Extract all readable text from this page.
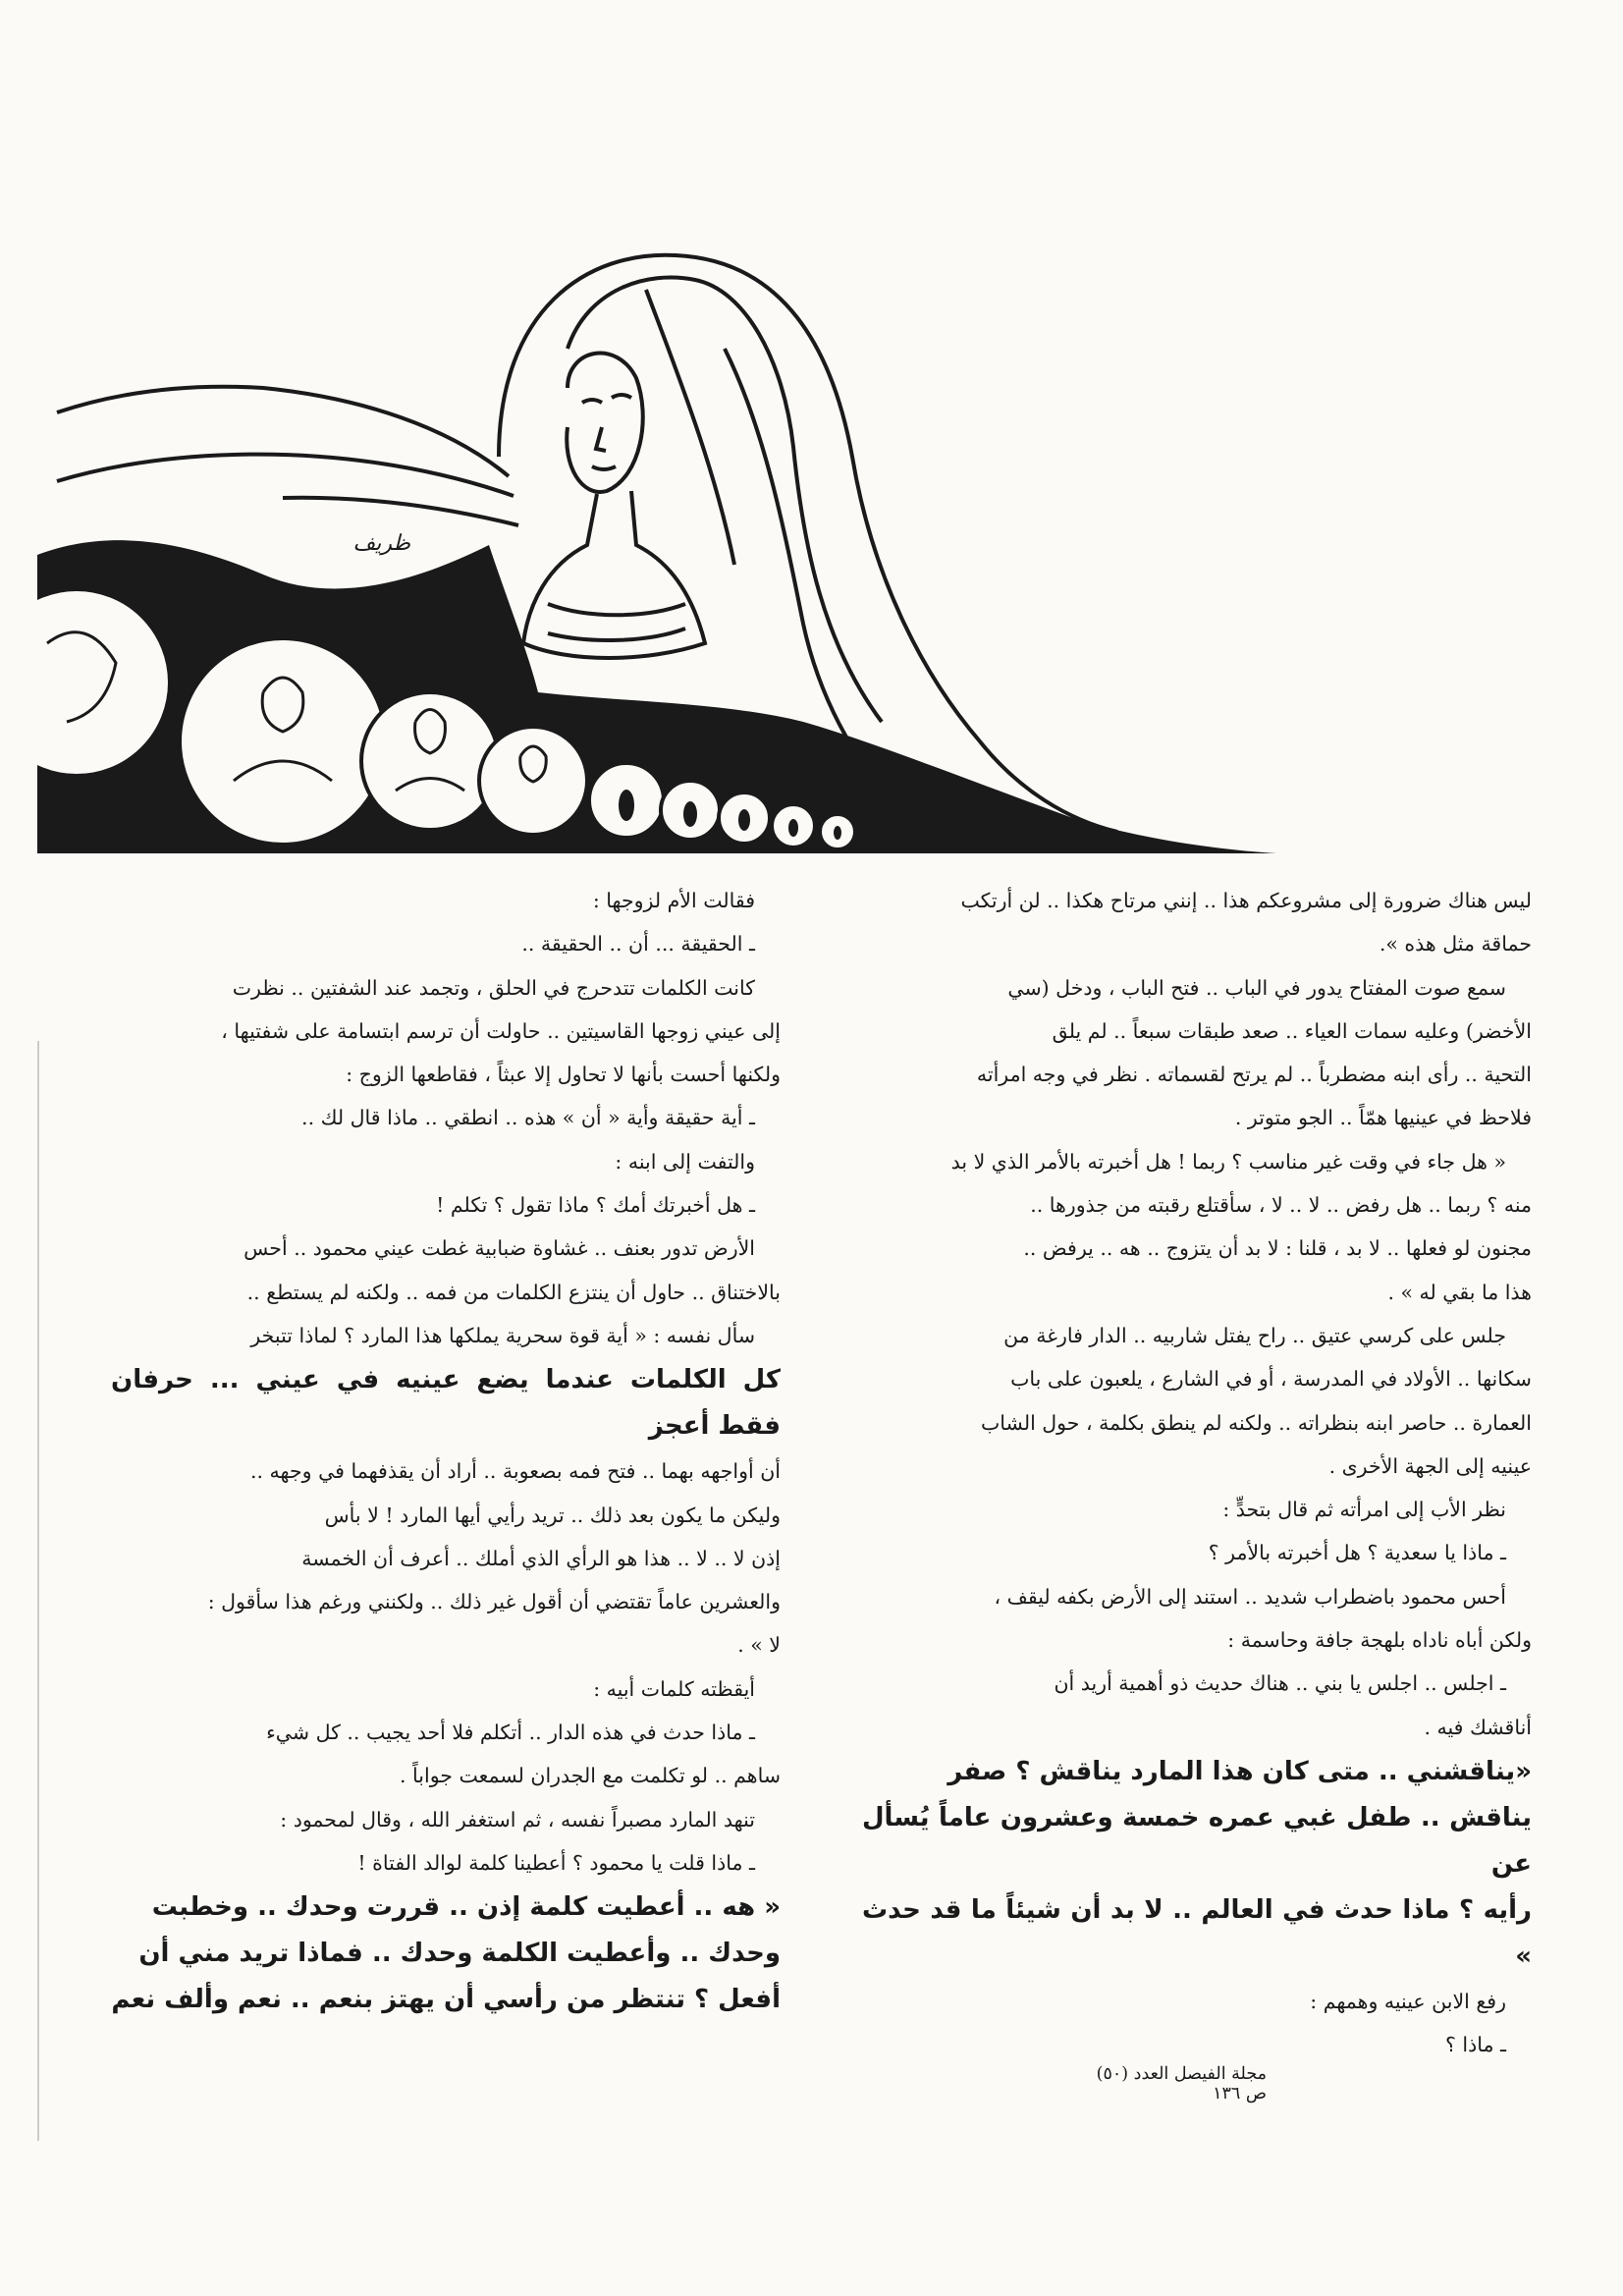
ظريف

ليس هناك ضرورة إلى مشروعكم هذا .. إنني مرتاح هكذا .. لن أرتكب

حماقة مثل هذه ».

سمع صوت المفتاح يدور في الباب .. فتح الباب ، ودخل (سي

الأخضر) وعليه سمات العياء .. صعد طبقات سبعاً .. لم يلق

التحية .. رأى ابنه مضطرباً .. لم يرتح لقسماته . نظر في وجه امرأته

فلاحظ في عينيها همّاً .. الجو متوتر .

« هل جاء في وقت غير مناسب ؟ ربما ! هل أخبرته بالأمر الذي لا بد

منه ؟ ربما .. هل رفض .. لا .. لا ، سأقتلع رقبته من جذورها ..

مجنون لو فعلها .. لا بد ، قلنا : لا بد أن يتزوج .. هه .. يرفض ..

هذا ما بقي له » .

جلس على كرسي عتيق .. راح يفتل شاربيه .. الدار فارغة من

سكانها .. الأولاد في المدرسة ، أو في الشارع ، يلعبون على باب

العمارة .. حاصر ابنه بنظراته .. ولكنه لم ينطق بكلمة ، حول الشاب

عينيه إلى الجهة الأخرى .

نظر الأب إلى امرأته ثم قال بتحدٍّ :

ـ ماذا يا سعدية ؟ هل أخبرته بالأمر ؟

أحس محمود باضطراب شديد .. استند إلى الأرض بكفه ليقف ،

ولكن أباه ناداه بلهجة جافة وحاسمة :

ـ اجلس .. اجلس يا بني .. هناك حديث ذو أهمية أريد أن

أناقشك فيه .

«يناقشني .. متى كان هذا المارد يناقش ؟ صفر

يناقش .. طفل غبي عمره خمسة وعشرون عاماً يُسأل عن

رأيه ؟ ماذا حدث في العالم .. لا بد أن شيئاً ما قد حدث »

رفع الابن عينيه وهمهم :

ـ ماذا ؟

فقالت الأم لزوجها :

ـ الحقيقة ... أن .. الحقيقة ..

كانت الكلمات تتدحرج في الحلق ، وتجمد عند الشفتين .. نظرت

إلى عيني زوجها القاسيتين .. حاولت أن ترسم ابتسامة على شفتيها ،

ولكنها أحست بأنها لا تحاول إلا عبثاً ، فقاطعها الزوج :

ـ أية حقيقة وأية « أن » هذه .. انطقي .. ماذا قال لك ..

والتفت إلى ابنه :

ـ هل أخبرتك أمك ؟ ماذا تقول ؟ تكلم !

الأرض تدور بعنف .. غشاوة ضبابية غطت عيني محمود .. أحس

بالاختناق .. حاول أن ينتزع الكلمات من فمه .. ولكنه لم يستطع ..

سأل نفسه : « أية قوة سحرية يملكها هذا المارد ؟ لماذا تتبخر

كل الكلمات عندما يضع عينيه في عيني ... حرفان فقط أعجز

أن أواجهه بهما .. فتح فمه بصعوبة .. أراد أن يقذفهما في وجهه ..

وليكن ما يكون بعد ذلك .. تريد رأيي أيها المارد ! لا بأس

إذن لا .. لا .. هذا هو الرأي الذي أملك .. أعرف أن الخمسة

والعشرين عاماً تقتضي أن أقول غير ذلك .. ولكنني ورغم هذا سأقول :

لا » .

أيقظته كلمات أبيه :

ـ ماذا حدث في هذه الدار .. أتكلم فلا أحد يجيب .. كل شيء

ساهم .. لو تكلمت مع الجدران لسمعت جواباً .

تنهد المارد مصبراً نفسه ، ثم استغفر الله ، وقال لمحمود :

ـ ماذا قلت يا محمود ؟ أعطينا كلمة لوالد الفتاة !

« هه .. أعطيت كلمة إذن .. قررت وحدك .. وخطبت

وحدك .. وأعطيت الكلمة وحدك .. فماذا تريد مني أن

أفعل ؟ تنتظر من رأسي أن يهتز بنعم .. نعم وألف نعم

مجلة الفيصل العدد (٥٠) ص ١٣٦
